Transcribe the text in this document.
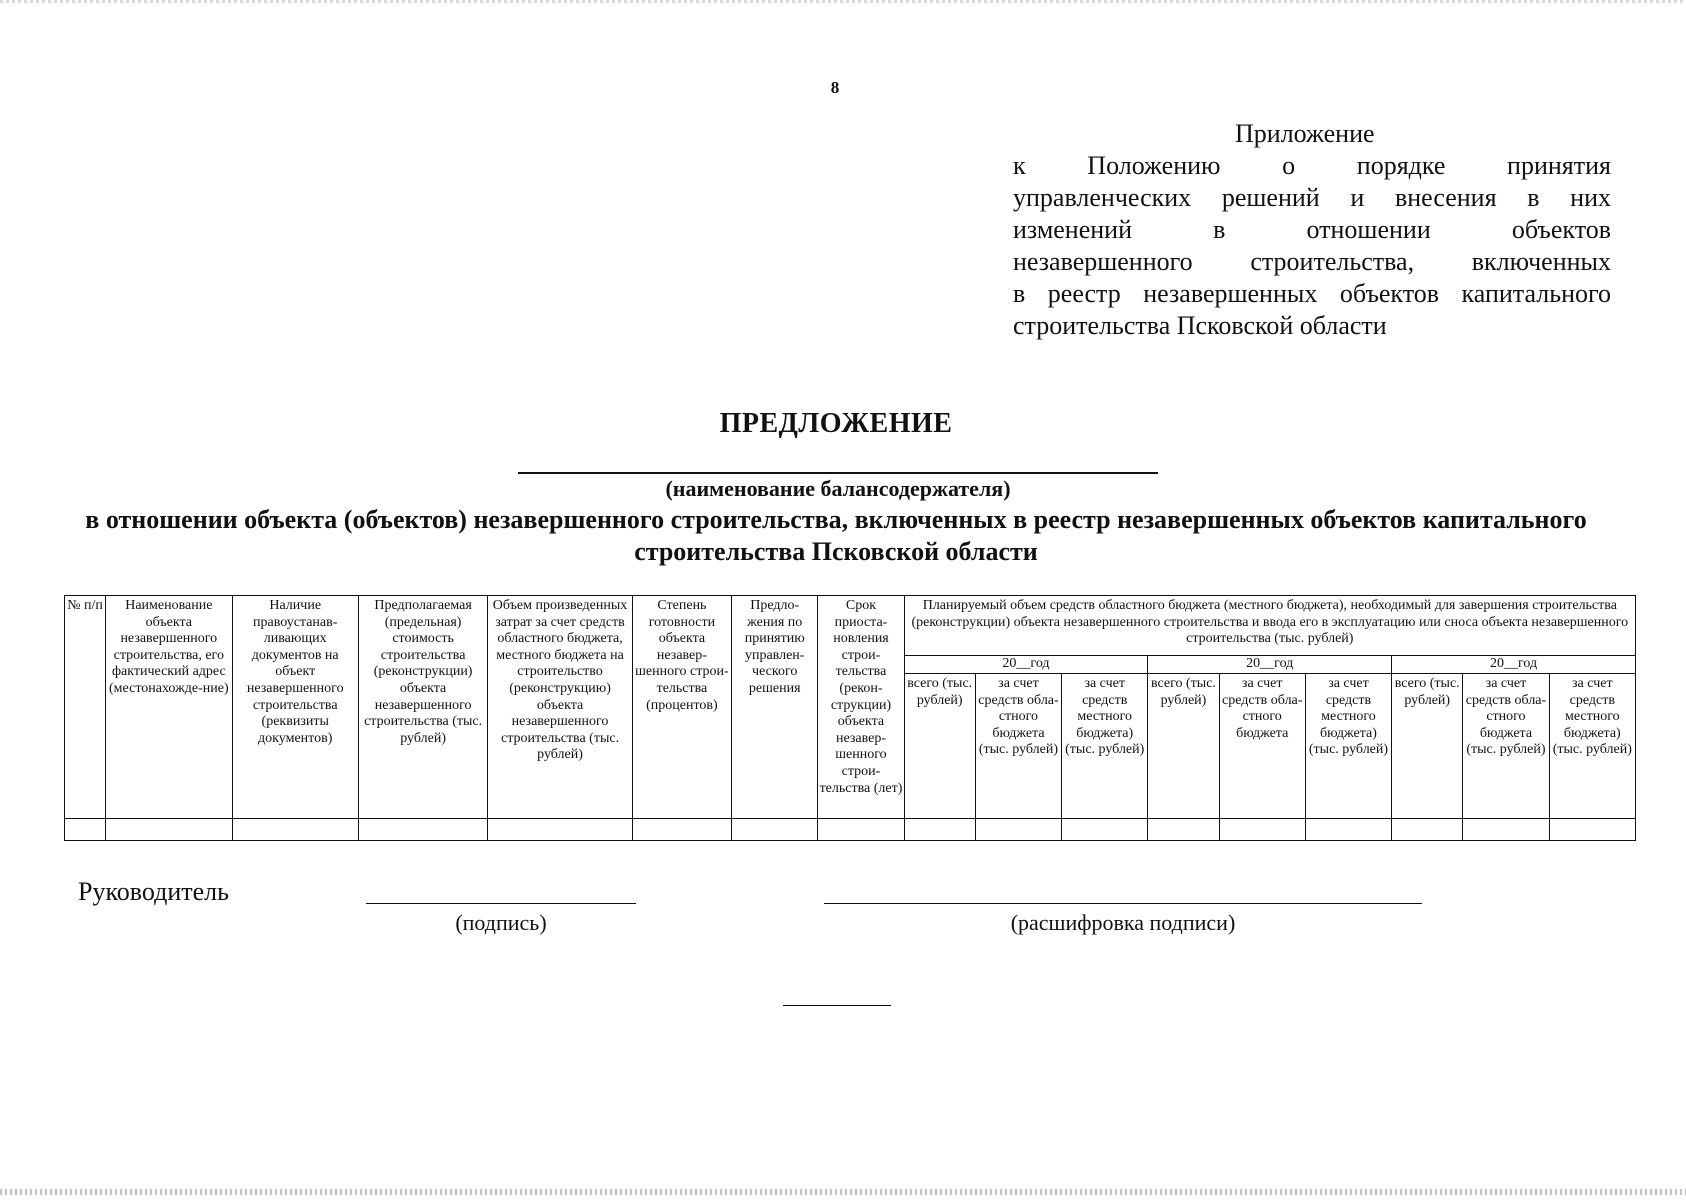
8
Приложение
к Положению о порядке принятия
управленческих решений и внесения в них
изменений в отношении объектов
незавершенного строительства, включенных
в реестр незавершенных объектов капитального
строительства Псковской области
ПРЕДЛОЖЕНИЕ
(наименование балансодержателя)
в отношении объекта (объектов) незавершенного строительства, включенных в реестр незавершенных объектов капитального строительства Псковской области
№ п/п	Наименование объекта незавершенного строительства, его фактический адрес (местонахожде-ние)	Наличие правоустанав-ливающих документов на объект незавершенного строительства (реквизиты документов)	Предполагаемая (предельная) стоимость строительства (реконструкции) объекта незавершенного строительства (тыс. рублей)	Объем произведенных затрат за счет средств областного бюджета, местного бюджета на строительство (реконструкцию) объекта незавершенного строительства (тыс. рублей)	Степень готовности объекта незавер-шенного строи-тельства (процентов)	Предло-жения по принятию управлен-ческого решения	Срок приоста-новления строи-тельства (рекон-струкции) объекта незавер-шенного строи-тельства (лет)	Планируемый объем средств областного бюджета (местного бюджета), необходимый для завершения строительства (реконструкции) объекта незавершенного строительства и ввода его в эксплуатацию или сноса объекта незавершенного строительства (тыс. рублей)								
								20__год			20__год			20__год		
								всего (тыс. рублей)	за счет средств обла-стного бюджета (тыс. рублей)	за счет средств местного бюджета) (тыс. рублей)	всего (тыс. рублей)	за счет средств обла-стного бюджета	за счет средств местного бюджета) (тыс. рублей)	всего (тыс. рублей)	за счет средств обла-стного бюджета (тыс. рублей)	за счет средств местного бюджета) (тыс. рублей)

Руководитель
(подпись)	(расшифровка подписи)
